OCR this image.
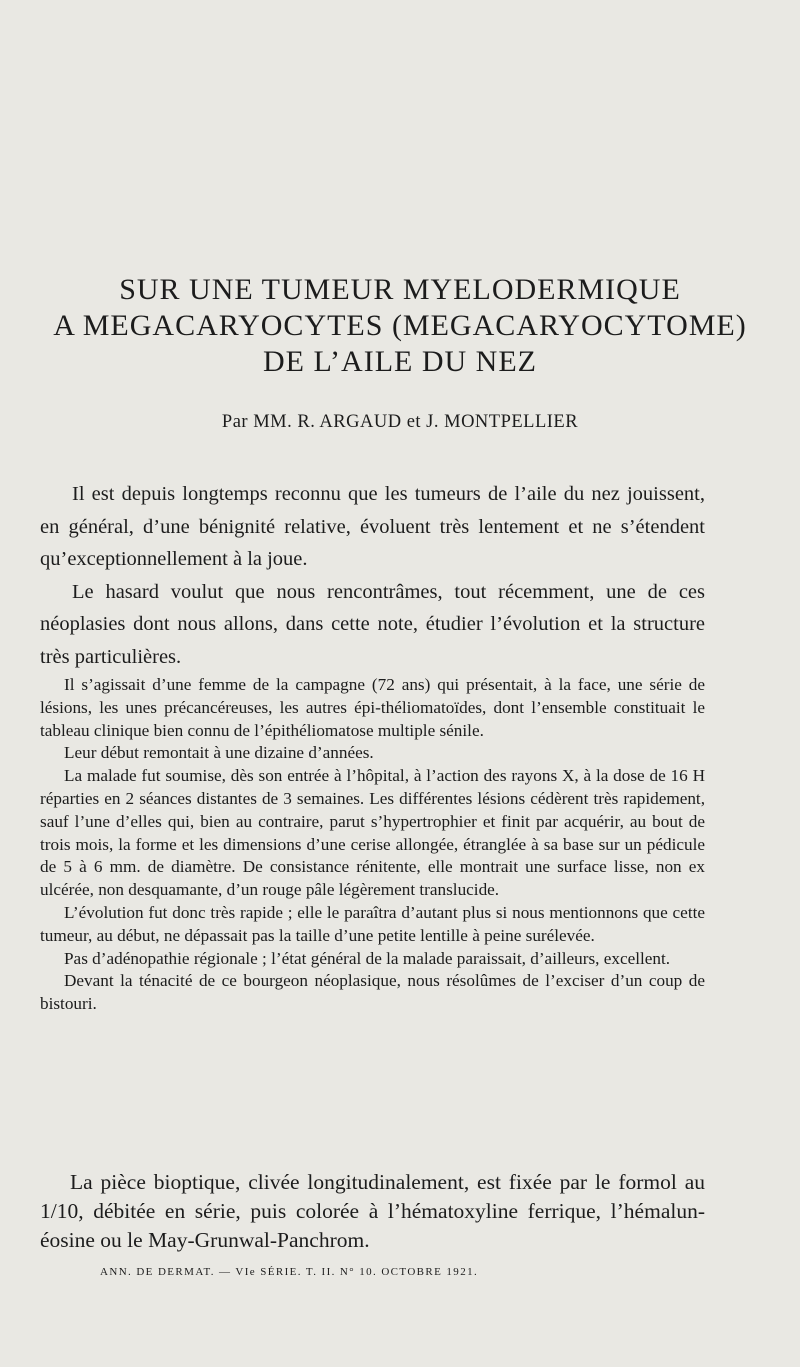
SUR UNE TUMEUR MYELODERMIQUE
A MEGACARYOCYTES (MEGACARYOCYTOME)
DE L’AILE DU NEZ
Par MM. R. ARGAUD et J. MONTPELLIER

Il est depuis longtemps reconnu que les tumeurs de l’aile du nez jouissent, en général, d’une bénignité relative, évoluent très lentement et ne s’étendent qu’exceptionnellement à la joue.

Le hasard voulut que nous rencontrâmes, tout récemment, une de ces néoplasies dont nous allons, dans cette note, étudier l’évolution et la structure très particulières.

Il s’agissait d’une femme de la campagne (72 ans) qui présentait, à la face, une série de lésions, les unes précancéreuses, les autres épi-théliomatoïdes, dont l’ensemble constituait le tableau clinique bien connu de l’épithéliomatose multiple sénile.

Leur début remontait à une dizaine d’années.

La malade fut soumise, dès son entrée à l’hôpital, à l’action des rayons X, à la dose de 16 H réparties en 2 séances distantes de 3 semaines. Les différentes lésions cédèrent très rapidement, sauf l’une d’elles qui, bien au contraire, parut s’hypertrophier et finit par acquérir, au bout de trois mois, la forme et les dimensions d’une cerise allongée, étranglée à sa base sur un pédicule de 5 à 6 mm. de diamètre. De consistance rénitente, elle montrait une surface lisse, non ex ulcérée, non desquamante, d’un rouge pâle légèrement translucide.

L’évolution fut donc très rapide ; elle le paraîtra d’autant plus si nous mentionnons que cette tumeur, au début, ne dépassait pas la taille d’une petite lentille à peine surélevée.

Pas d’adénopathie régionale ; l’état général de la malade paraissait, d’ailleurs, excellent.

Devant la ténacité de ce bourgeon néoplasique, nous résolûmes de l’exciser d’un coup de bistouri.

La pièce bioptique, clivée longitudinalement, est fixée par le formol au 1/10, débitée en série, puis colorée à l’hématoxyline ferrique, l’hémalun-éosine ou le May-Grunwal-Panchrom.

ANN. DE DERMAT. — VIe SÉRIE. T. II. N° 10. OCTOBRE 1921.
